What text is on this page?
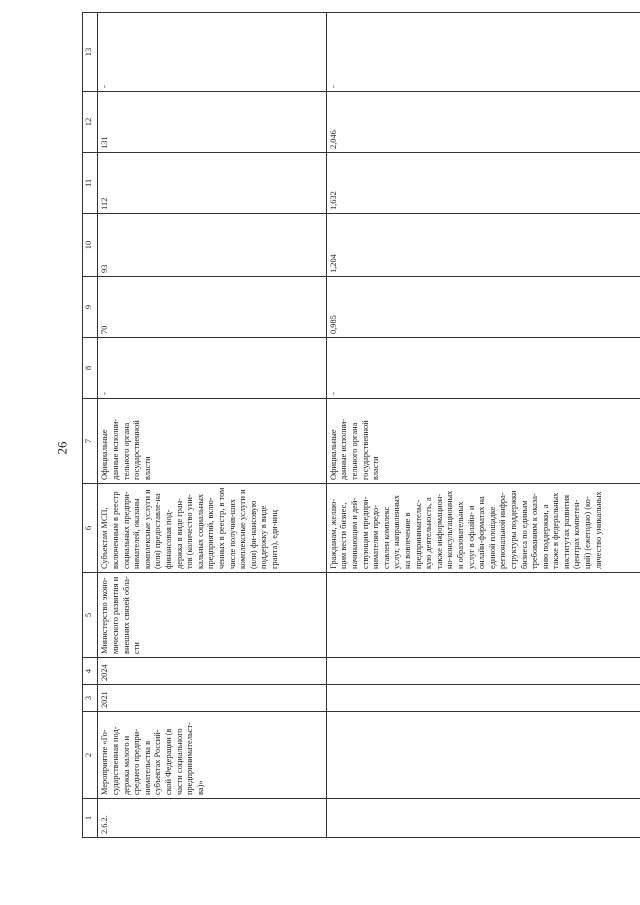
26
1	2	3	4	5	6	7	8	9	10	11	12	13
2.6.2.	Мероприятие «Го-сударственная под-держка малого и среднего предпри-нимательства в субъектах Россий-ской Федерации (в части социального предпринимательст-ва)»	2021	2024	Министерство эконо-мического развития и внешних связей обла-сти	Субъектам МСП, включенным в реестр социальных предпри-нимателей, оказаны комплексные услуги и (или) предоставле-на финансовая под-держка в виде гран-тов (количество уни-кальных социальных предприятий, вклю-ченных в реестр, в том числе получив-ших комплексные услуги и (или) фи-нансовую поддержку в виде гранта), еди-ниц	Официальные данные исполни-тельного органа государственной власти	-	70	93	112	131	-
					Гражданам, желаю-щим вести бизнес, начинающим и дей-ствующим предпри-нимателям предо-ставлен комплекс услуг, направленных на вовлечение в предпринимательс-кую деятельность, а также информацион-но-консультационных и образовательных услуг в офлайн- и онлайн-форматах на единой площадке региональной инфра-структуры поддержки бизнеса по единым требованиям к оказа-нию поддержки, а также в федеральных институтах развития (центрах компетен-ций) (ежегодно) (ко-личество уникальных	Официальные данные исполни-тельного органа государственной власти	-	0,985	1,204	1,632	2,046	-
